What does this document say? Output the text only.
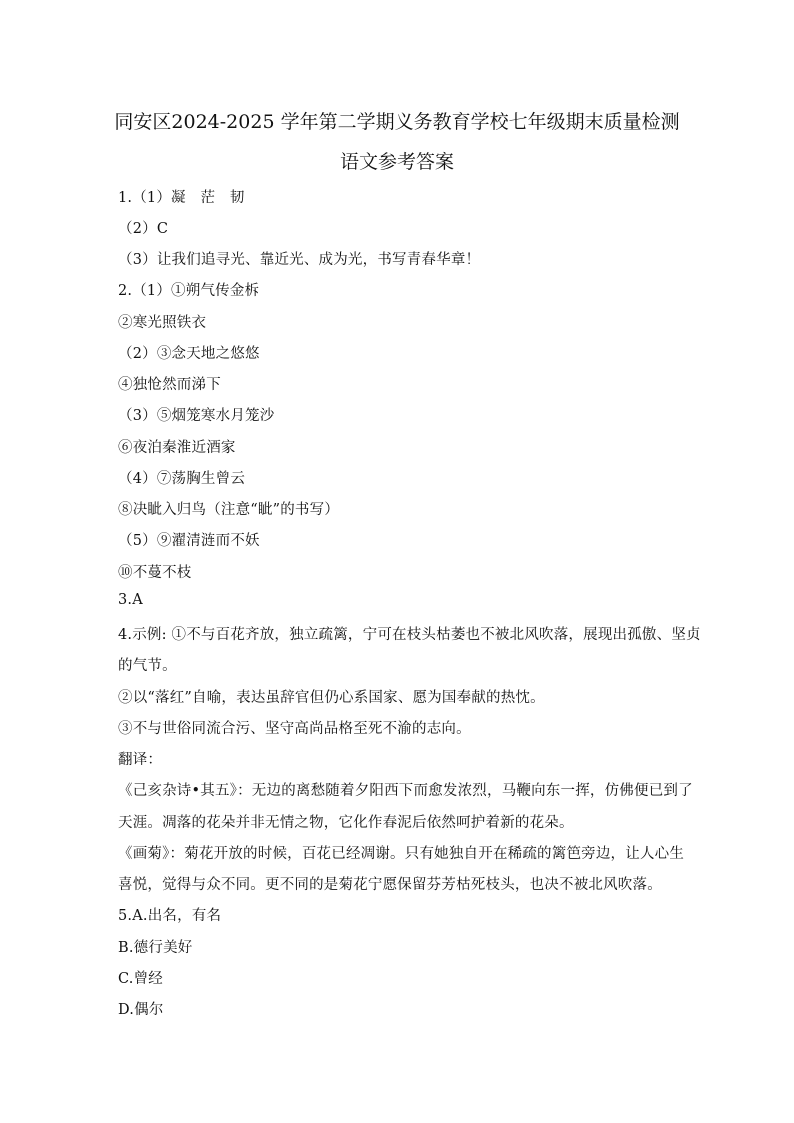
同安区2024-2025 学年第二学期义务教育学校七年级期末质量检测
语文参考答案
1.（1）凝　茫　韧
（2）C
（3）让我们追寻光、靠近光、成为光，书写青春华章！
2.（1）①朔气传金柝
②寒光照铁衣
（2）③念天地之悠悠
④独怆然而涕下
（3）⑤烟笼寒水月笼沙
⑥夜泊秦淮近酒家
（4）⑦荡胸生曾云
⑧决眦入归鸟（注意“眦”的书写）
（5）⑨濯清涟而不妖
⑩不蔓不枝
3.A
4.示例: ①不与百花齐放，独立疏篱，宁可在枝头枯萎也不被北风吹落，展现出孤傲、坚贞
的气节。
②以“落红”自喻，表达虽辞官但仍心系国家、愿为国奉献的热忱。
③不与世俗同流合污、坚守高尚品格至死不渝的志向。
翻译：
《己亥杂诗•其五》：无边的离愁随着夕阳西下而愈发浓烈，马鞭向东一挥，仿佛便已到了
天涯。凋落的花朵并非无情之物，它化作春泥后依然呵护着新的花朵。
《画菊》：菊花开放的时候，百花已经凋谢。只有她独自开在稀疏的篱笆旁边，让人心生
喜悦，觉得与众不同。更不同的是菊花宁愿保留芬芳枯死枝头，也决不被北风吹落。
5.A.出名，有名
B.德行美好
C.曾经
D.偶尔
